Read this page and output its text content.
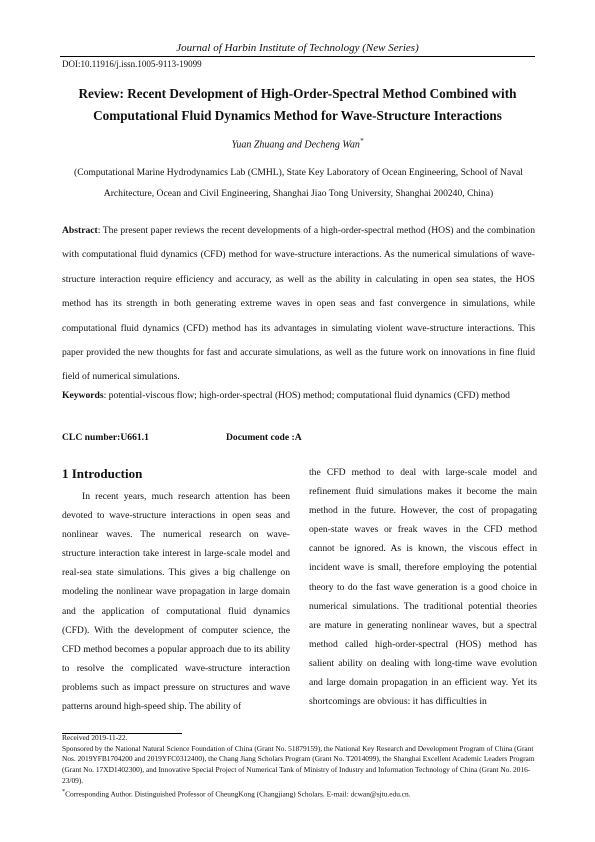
Journal of Harbin Institute of Technology (New Series)
DOI:10.11916/j.issn.1005-9113-19099
Review: Recent Development of High-Order-Spectral Method Combined with Computational Fluid Dynamics Method for Wave-Structure Interactions
Yuan Zhuang and Decheng Wan*
(Computational Marine Hydrodynamics Lab (CMHL), State Key Laboratory of Ocean Engineering, School of Naval Architecture, Ocean and Civil Engineering, Shanghai Jiao Tong University, Shanghai 200240, China)
Abstract: The present paper reviews the recent developments of a high-order-spectral method (HOS) and the combination with computational fluid dynamics (CFD) method for wave-structure interactions. As the numerical simulations of wave-structure interaction require efficiency and accuracy, as well as the ability in calculating in open sea states, the HOS method has its strength in both generating extreme waves in open seas and fast convergence in simulations, while computational fluid dynamics (CFD) method has its advantages in simulating violent wave-structure interactions. This paper provided the new thoughts for fast and accurate simulations, as well as the future work on innovations in fine fluid field of numerical simulations.
Keywords: potential-viscous flow; high-order-spectral (HOS) method; computational fluid dynamics (CFD) method
CLC number:U661.1	Document code :A
1 Introduction
In recent years, much research attention has been devoted to wave-structure interactions in open seas and nonlinear waves. The numerical research on wave-structure interaction take interest in large-scale model and real-sea state simulations. This gives a big challenge on modeling the nonlinear wave propagation in large domain and the application of computational fluid dynamics (CFD). With the development of computer science, the CFD method becomes a popular approach due to its ability to resolve the complicated wave-structure interaction problems such as impact pressure on structures and wave patterns around high-speed ship. The ability of
the CFD method to deal with large-scale model and refinement fluid simulations makes it become the main method in the future. However, the cost of propagating open-state waves or freak waves in the CFD method cannot be ignored. As is known, the viscous effect in incident wave is small, therefore employing the potential theory to do the fast wave generation is a good choice in numerical simulations. The traditional potential theories are mature in generating nonlinear waves, but a spectral method called high-order-spectral (HOS) method has salient ability on dealing with long-time wave evolution and large domain propagation in an efficient way. Yet its shortcomings are obvious: it has difficulties in
Received 2019-11-22.
Sponsored by the National Natural Science Foundation of China (Grant No. 51879159), the National Key Research and Development Program of China (Grant Nos. 2019YFB1704200 and 2019YFC0312400), the Chang Jiang Scholars Program (Grant No. T2014099), the Shanghai Excellent Academic Leaders Program (Grant No. 17XD1402300), and Innovative Special Project of Numerical Tank of Ministry of Industry and Information Technology of China (Grant No. 2016-23/09).
*Corresponding Author. Distinguished Professor of CheungKong (Changjiang) Scholars. E-mail: dcwan@sjtu.edu.cn.
